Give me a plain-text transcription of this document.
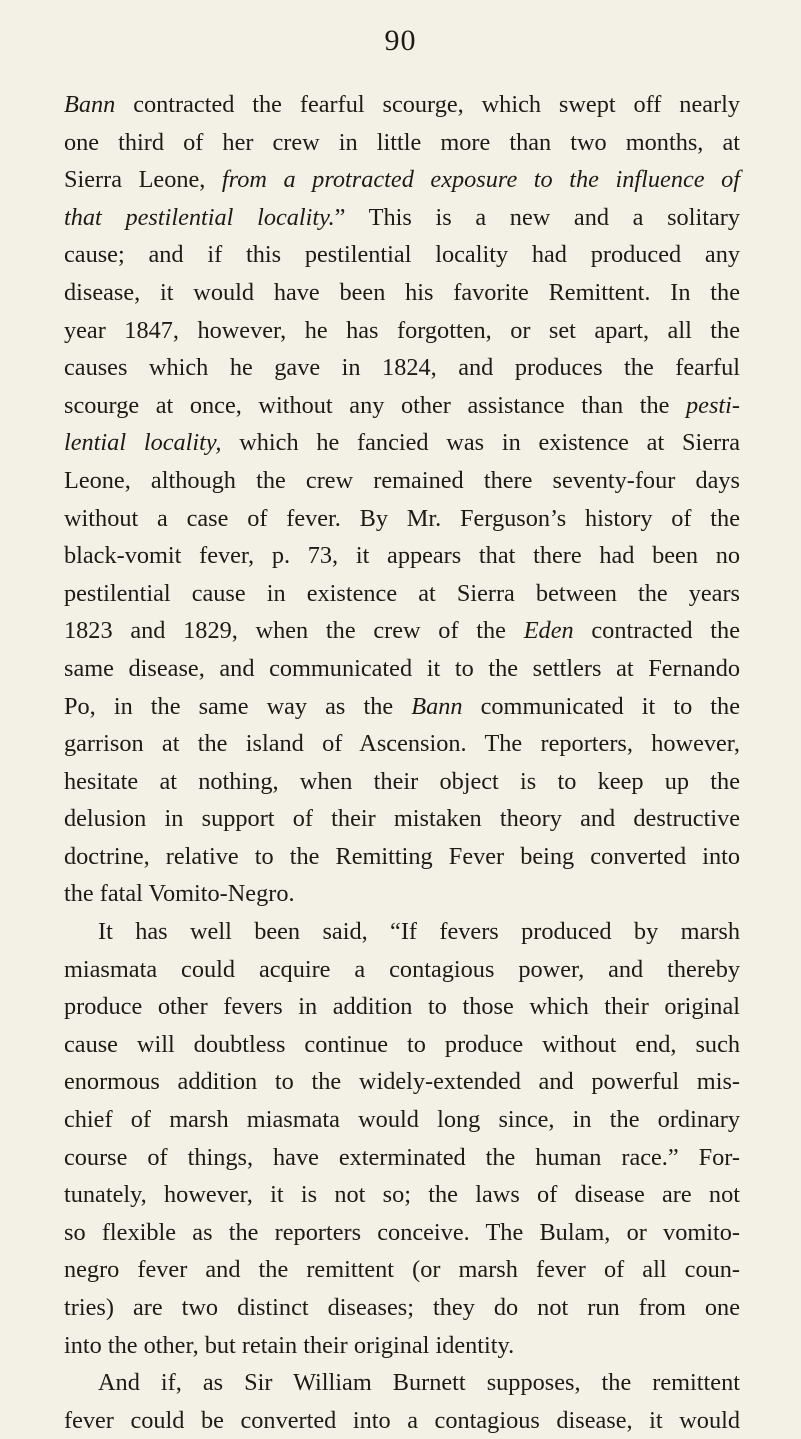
90
Bann contracted the fearful scourge, which swept off nearly
one third of her crew in little more than two months, at
Sierra Leone, from a protracted exposure to the influence of
that pestilential locality.” This is a new and a solitary
cause; and if this pestilential locality had produced any
disease, it would have been his favorite Remittent. In the
year 1847, however, he has forgotten, or set apart, all the
causes which he gave in 1824, and produces the fearful
scourge at once, without any other assistance than the pesti-
lential locality, which he fancied was in existence at Sierra
Leone, although the crew remained there seventy-four days
without a case of fever. By Mr. Ferguson’s history of the
black-vomit fever, p. 73, it appears that there had been no
pestilential cause in existence at Sierra between the years
1823 and 1829, when the crew of the Eden contracted the
same disease, and communicated it to the settlers at Fernando
Po, in the same way as the Bann communicated it to the
garrison at the island of Ascension. The reporters, however,
hesitate at nothing, when their object is to keep up the
delusion in support of their mistaken theory and destructive
doctrine, relative to the Remitting Fever being converted into
the fatal Vomito-Negro.
It has well been said, “If fevers produced by marsh
miasmata could acquire a contagious power, and thereby
produce other fevers in addition to those which their original
cause will doubtless continue to produce without end, such
enormous addition to the widely-extended and powerful mis-
chief of marsh miasmata would long since, in the ordinary
course of things, have exterminated the human race.” For-
tunately, however, it is not so; the laws of disease are not
so flexible as the reporters conceive. The Bulam, or vomito-
negro fever and the remittent (or marsh fever of all coun-
tries) are two distinct diseases; they do not run from one
into the other, but retain their original identity.
And if, as Sir William Burnett supposes, the remittent
fever could be converted into a contagious disease, it would
